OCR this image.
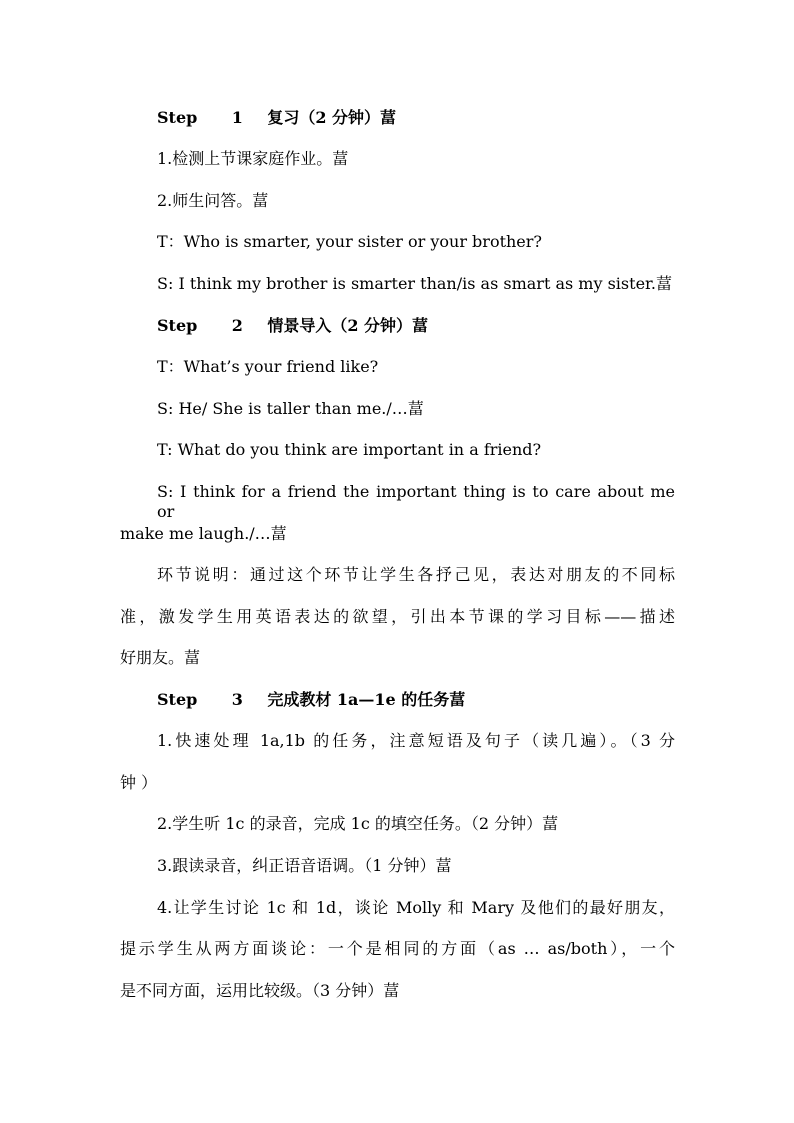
Step 1 复习（2 分钟）葍
1.检测上节课家庭作业。葍
2.师生问答。葍
T：Who is smarter, your sister or your brother?
S: I think my brother is smarter than/is as smart as my sister.葍
Step 2 情景导入（2 分钟）葍
T：What’s your friend like?
S: He/ She is taller than me./…葍
T: What do you think are important in a friend?
S: I think for a friend the important thing is to care about me or
make me laugh./…葍
环节说明：通过这个环节让学生各抒己见，表达对朋友的不同标
准，激发学生用英语表达的欲望，引出本节课的学习目标——描述
好朋友。葍
Step 3 完成教材 1a—1e 的任务葍
1.快速处理 1a,1b 的任务，注意短语及句子（读几遍）。（3 分
钟 ）
2.学生听 1c 的录音，完成 1c 的填空任务。（2 分钟）葍
3.跟读录音，纠正语音语调。（1 分钟）葍
4.让学生讨论 1c 和 1d，谈论 Molly 和 Mary 及他们的最好朋友，
提示学生从两方面谈论：一个是相同的方面（as … as/both），一个
是不同方面，运用比较级。（3 分钟）葍
